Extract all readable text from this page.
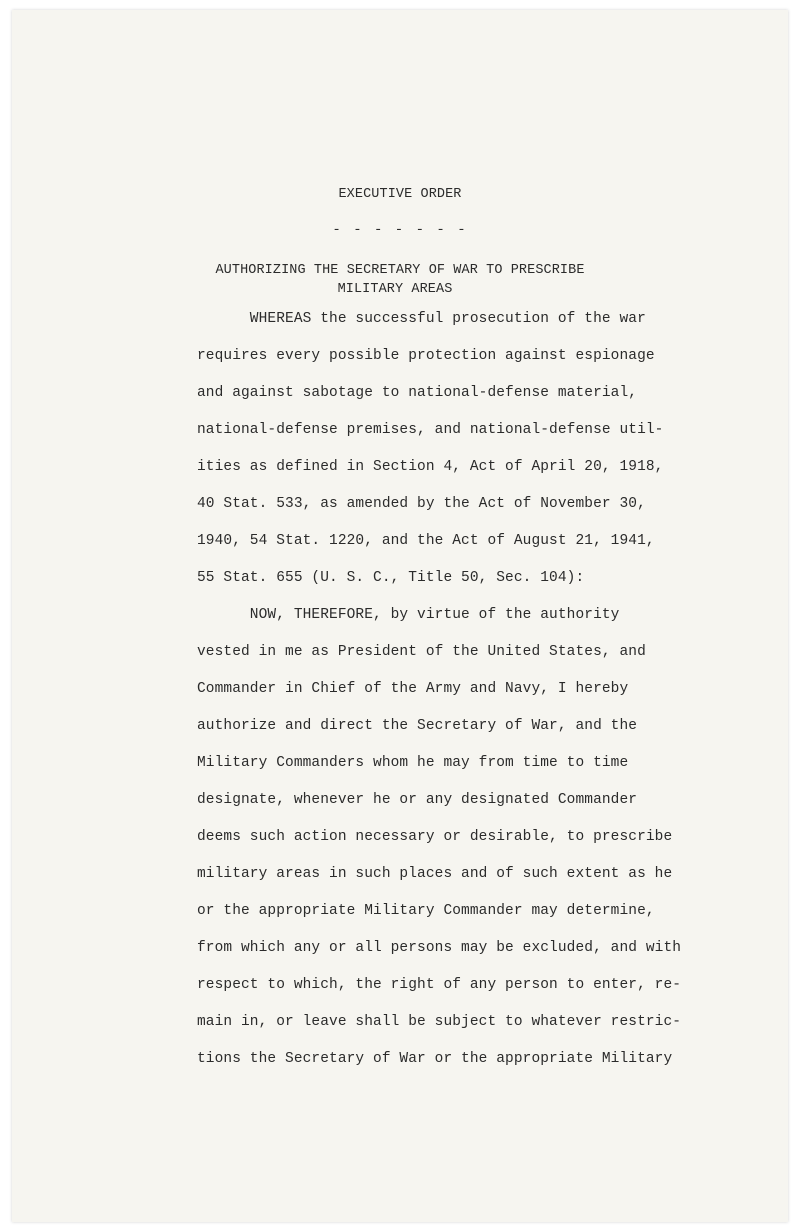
EXECUTIVE ORDER
- - - - - - -
AUTHORIZING THE SECRETARY OF WAR TO PRESCRIBE
MILITARY AREAS
WHEREAS the successful prosecution of the war
requires every possible protection against espionage
and against sabotage to national-defense material,
national-defense premises, and national-defense util-
ities as defined in Section 4, Act of April 20, 1918,
40 Stat. 533, as amended by the Act of November 30,
1940, 54 Stat. 1220, and the Act of August 21, 1941,
55 Stat. 655 (U. S. C., Title 50, Sec. 104):
NOW, THEREFORE, by virtue of the authority
vested in me as President of the United States, and
Commander in Chief of the Army and Navy, I hereby
authorize and direct the Secretary of War, and the
Military Commanders whom he may from time to time
designate, whenever he or any designated Commander
deems such action necessary or desirable, to prescribe
military areas in such places and of such extent as he
or the appropriate Military Commander may determine,
from which any or all persons may be excluded, and with
respect to which, the right of any person to enter, re-
main in, or leave shall be subject to whatever restric-
tions the Secretary of War or the appropriate Military
